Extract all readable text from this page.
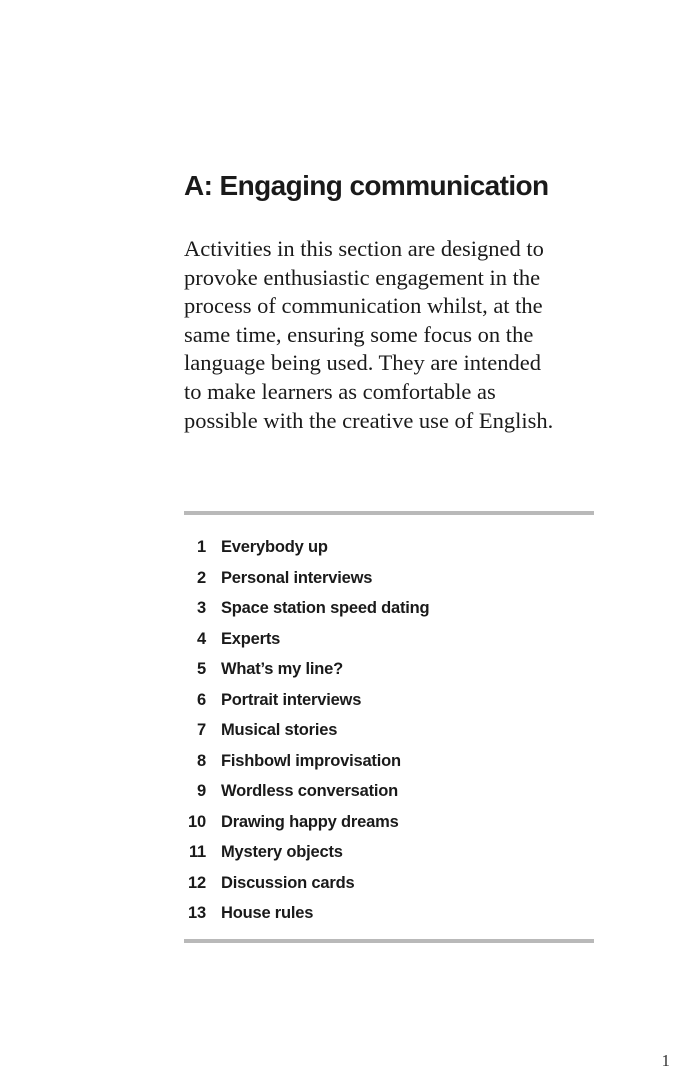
A: Engaging communication

Activities in this section are designed to
provoke enthusiastic engagement in the
process of communication whilst, at the
same time, ensuring some focus on the
language being used. They are intended
to make learners as comfortable as
possible with the creative use of English.

1 Everybody up
2 Personal interviews
3 Space station speed dating
4 Experts
5 What’s my line?
6 Portrait interviews
7 Musical stories
8 Fishbowl improvisation
9 Wordless conversation
10 Drawing happy dreams
11 Mystery objects
12 Discussion cards
13 House rules
1
